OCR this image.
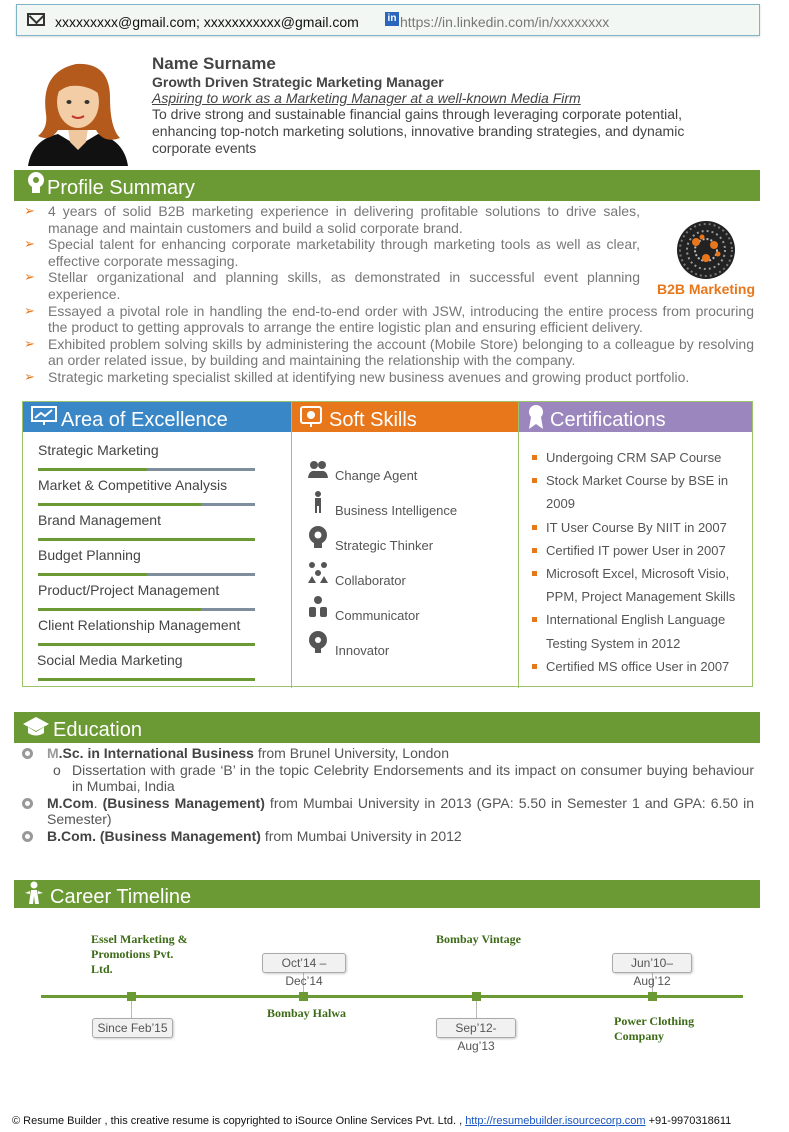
xxxxxxxxx@gmail.com; xxxxxxxxxxx@gmail.com	in https://in.linkedin.com/in/xxxxxxxx
Name Surname
Growth Driven Strategic Marketing Manager
Aspiring to work as a Marketing Manager at a well-known Media Firm
To drive strong and sustainable financial gains through leveraging corporate potential, enhancing top-notch marketing solutions, innovative branding strategies, and dynamic corporate events
Profile Summary
➢ 4 years of solid B2B marketing experience in delivering profitable solutions to drive sales, manage and maintain customers and build a solid corporate brand.
➢ Special talent for enhancing corporate marketability through marketing tools as well as clear, effective corporate messaging.
➢ Stellar organizational and planning skills, as demonstrated in successful event planning experience.
➢ Essayed a pivotal role in handling the end-to-end order with JSW, introducing the entire process from procuring the product to getting approvals to arrange the entire logistic plan and ensuring efficient delivery.
➢ Exhibited problem solving skills by administering the account (Mobile Store) belonging to a colleague by resolving an order related issue, by building and maintaining the relationship with the company.
➢ Strategic marketing specialist skilled at identifying new business avenues and growing product portfolio.
B2B Marketing
Area of Excellence	Soft Skills	Certifications
Strategic Marketing
Market & Competitive Analysis
Brand Management
Budget Planning
Product/Project Management
Client Relationship Management
Social Media Marketing
Change Agent
Business Intelligence
Strategic Thinker
Collaborator
Communicator
Innovator
Undergoing CRM SAP Course
Stock Market Course by BSE in 2009
IT User Course By NIIT in 2007
Certified IT power User in 2007
Microsoft Excel, Microsoft Visio, PPM, Project Management Skills
International English Language Testing System in 2012
Certified MS office User in 2007
Education
M.Sc. in International Business from Brunel University, London
o Dissertation with grade ‘B’ in the topic Celebrity Endorsements and its impact on consumer buying behaviour in Mumbai, India
M.Com. (Business Management) from Mumbai University in 2013 (GPA: 5.50 in Semester 1 and GPA: 6.50 in Semester)
B.Com. (Business Management) from Mumbai University in 2012
Career Timeline
Since Feb’15
Essel Marketing & Promotions Pvt. Ltd.	Oct’14 – Dec’14
Bombay Halwa
Sep’12-Aug’13
Bombay Vintage
Jun’10–Aug’12
Power Clothing Company
© Resume Builder , this creative resume is copyrighted to iSource Online Services Pvt. Ltd. , http://resumebuilder.isourcecorp.com +91-9970318611
